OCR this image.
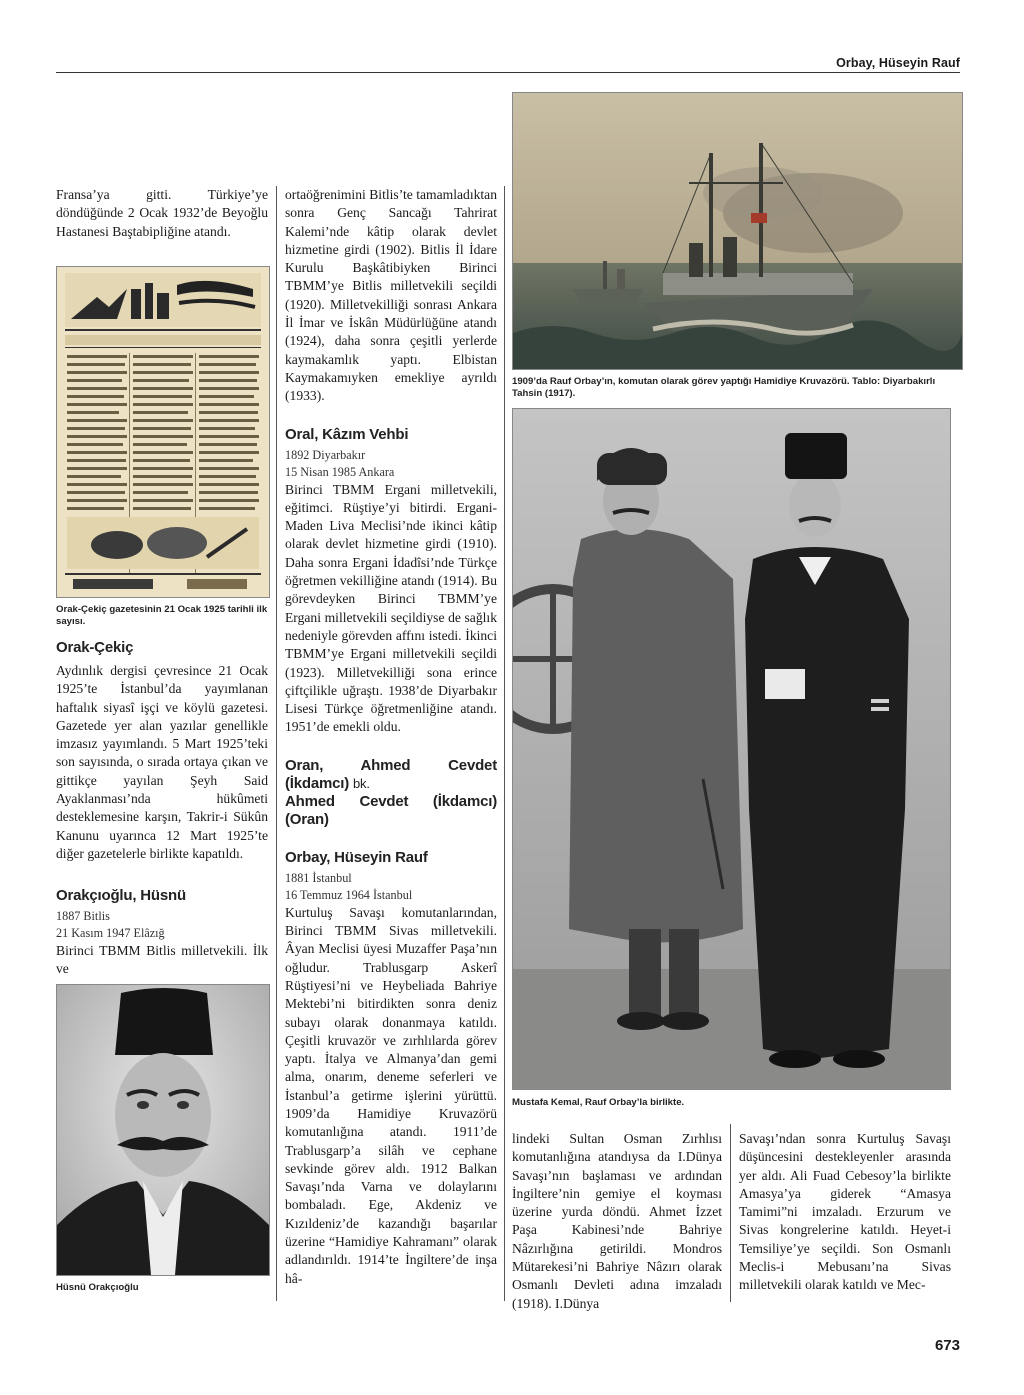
Orbay, Hüseyin Rauf

Fransa’ya gitti. Türkiye’ye döndüğünde 2 Ocak 1932’de Beyoğlu Hastanesi Baştabipliğine atandı.

Orak-Çekiç gazetesinin 21 Ocak 1925 tarihli ilk sayısı.

Orak-Çekiç

Aydınlık dergisi çevresince 21 Ocak 1925’te İstanbul’da yayımlanan haftalık siyasî işçi ve köylü gazetesi. Gazetede yer alan yazılar genellikle imzasız yayımlandı. 5 Mart 1925’teki son sayısında, o sırada ortaya çıkan ve gittikçe yayılan Şeyh Said Ayaklanması’nda hükûmeti desteklemesine karşın, Takrir-i Sükûn Kanunu uyarınca 12 Mart 1925’te diğer gazetelerle birlikte kapatıldı.

Orakçıoğlu, Hüsnü

1887 Bitlis

21 Kasım 1947 Elâzığ

Birinci TBMM Bitlis milletvekili. İlk ve

Hüsnü Orakçıoğlu

ortaöğrenimini Bitlis’te tamamladıktan sonra Genç Sancağı Tahrirat Kalemi’nde kâtip olarak devlet hizmetine girdi (1902). Bitlis İl İdare Kurulu Başkâtibiyken Birinci TBMM’ye Bitlis milletvekili seçildi (1920). Milletvekilliği sonrası Ankara İl İmar ve İskân Müdürlüğüne atandı (1924), daha sonra çeşitli yerlerde kaymakamlık yaptı. Elbistan Kaymakamıyken emekliye ayrıldı (1933).

Oral, Kâzım Vehbi

1892 Diyarbakır

15 Nisan 1985 Ankara

Birinci TBMM Ergani milletvekili, eğitimci. Rüştiye’yi bitirdi. Ergani-Maden Liva Meclisi’nde ikinci kâtip olarak devlet hizmetine girdi (1910). Daha sonra Ergani İdadîsi’nde Türkçe öğretmen vekilliğine atandı (1914). Bu görevdeyken Birinci TBMM’ye Ergani milletvekili seçildiyse de sağlık nedeniyle görevden affını istedi. İkinci TBMM’ye Ergani milletvekili seçildi (1923). Milletvekilliği sona erince çiftçilikle uğraştı. 1938’de Diyarbakır Lisesi Türkçe öğretmenliğine atandı. 1951’de emekli oldu.

Oran, Ahmed Cevdet (İkdamcı) bk.

Ahmed Cevdet (İkdamcı) (Oran)

Orbay, Hüseyin Rauf

1881 İstanbul

16 Temmuz 1964 İstanbul

Kurtuluş Savaşı komutanlarından, Birinci TBMM Sivas milletvekili. Âyan Meclisi üyesi Muzaffer Paşa’nın oğludur. Trablusgarp Askerî Rüştiyesi’ni ve Heybeliada Bahriye Mektebi’ni bitirdikten sonra deniz subayı olarak donanmaya katıldı. Çeşitli kruvazör ve zırhlılarda görev yaptı. İtalya ve Almanya’dan gemi alma, onarım, deneme seferleri ve İstanbul’a getirme işlerini yürüttü. 1909’da Hamidiye Kruvazörü komutanlığına atandı. 1911’de Trablusgarp’a silâh ve cephane sevkinde görev aldı. 1912 Balkan Savaşı’nda Varna ve dolaylarını bombaladı. Ege, Akdeniz ve Kızıldeniz’de kazandığı başarılar üzerine “Hamidiye Kahramanı” olarak adlandırıldı. 1914’te İngiltere’de inşa hâ-

1909’da Rauf Orbay’ın, komutan olarak görev yaptığı Hamidiye Kruvazörü. Tablo: Diyarbakırlı Tahsin (1917).
Mustafa Kemal, Rauf Orbay’la birlikte.

lindeki Sultan Osman Zırhlısı komutanlığına atandıysa da I.Dünya Savaşı’nın başlaması ve ardından İngiltere’nin gemiye el koyması üzerine yurda döndü. Ahmet İzzet Paşa Kabinesi’nde Bahriye Nâzırlığına getirildi. Mondros Mütarekesi’ni Bahriye Nâzırı olarak Osmanlı Devleti adına imzaladı (1918). I.Dünya

Savaşı’ndan sonra Kurtuluş Savaşı düşüncesini destekleyenler arasında yer aldı. Ali Fuad Cebesoy’la birlikte Amasya’ya giderek “Amasya Tamimi”ni imzaladı. Erzurum ve Sivas kongrelerine katıldı. Heyet-i Temsiliye’ye seçildi. Son Osmanlı Meclis-i Mebusanı’na Sivas milletvekili olarak katıldı ve Mec-

673
